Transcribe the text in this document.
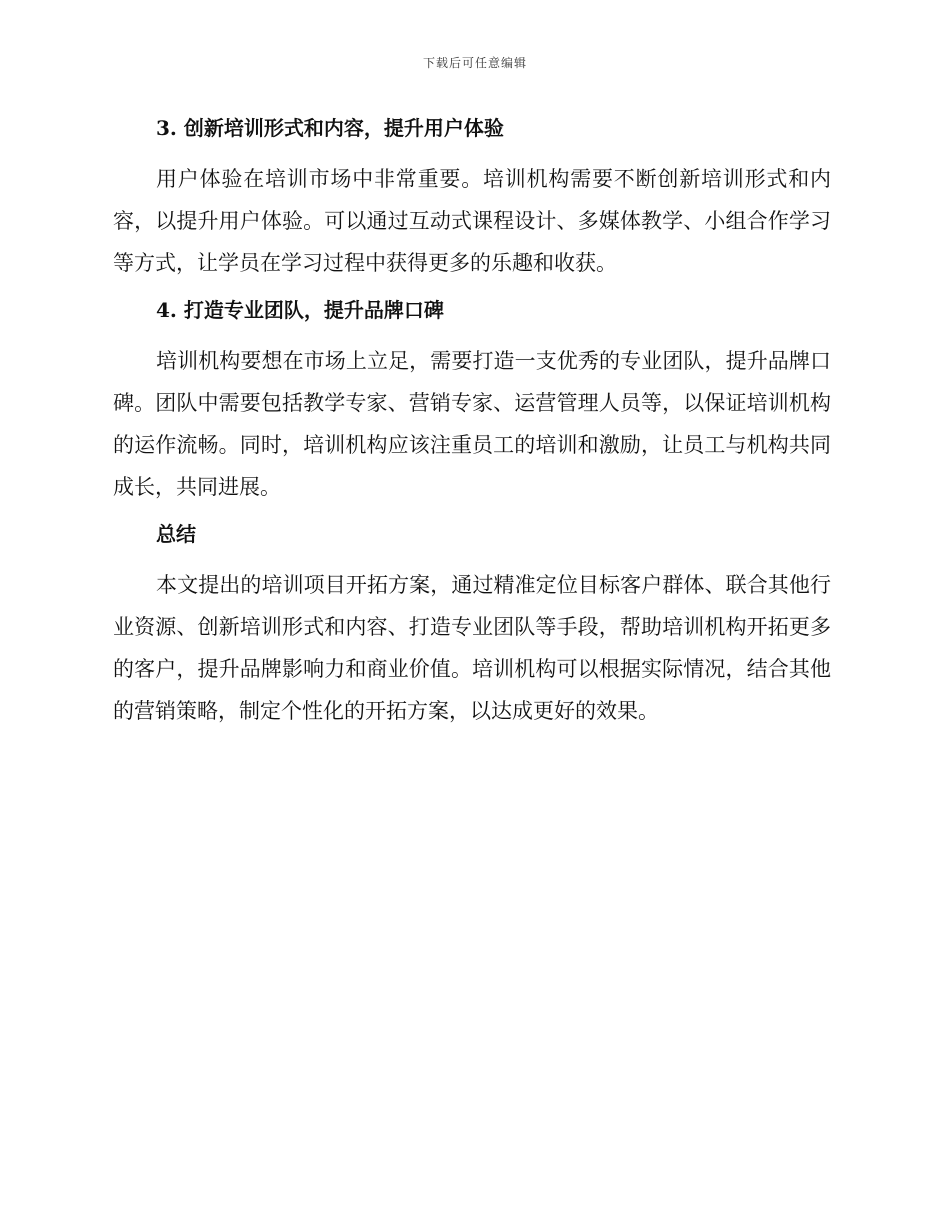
下载后可任意编辑
3. 创新培训形式和内容，提升用户体验

用户体验在培训市场中非常重要。培训机构需要不断创新培训形式和内容，以提升用户体验。可以通过互动式课程设计、多媒体教学、小组合作学习等方式，让学员在学习过程中获得更多的乐趣和收获。

4. 打造专业团队，提升品牌口碑

培训机构要想在市场上立足，需要打造一支优秀的专业团队，提升品牌口碑。团队中需要包括教学专家、营销专家、运营管理人员等，以保证培训机构的运作流畅。同时，培训机构应该注重员工的培训和激励，让员工与机构共同成长，共同进展。

总结

本文提出的培训项目开拓方案，通过精准定位目标客户群体、联合其他行业资源、创新培训形式和内容、打造专业团队等手段，帮助培训机构开拓更多的客户，提升品牌影响力和商业价值。培训机构可以根据实际情况，结合其他的营销策略，制定个性化的开拓方案，以达成更好的效果。
